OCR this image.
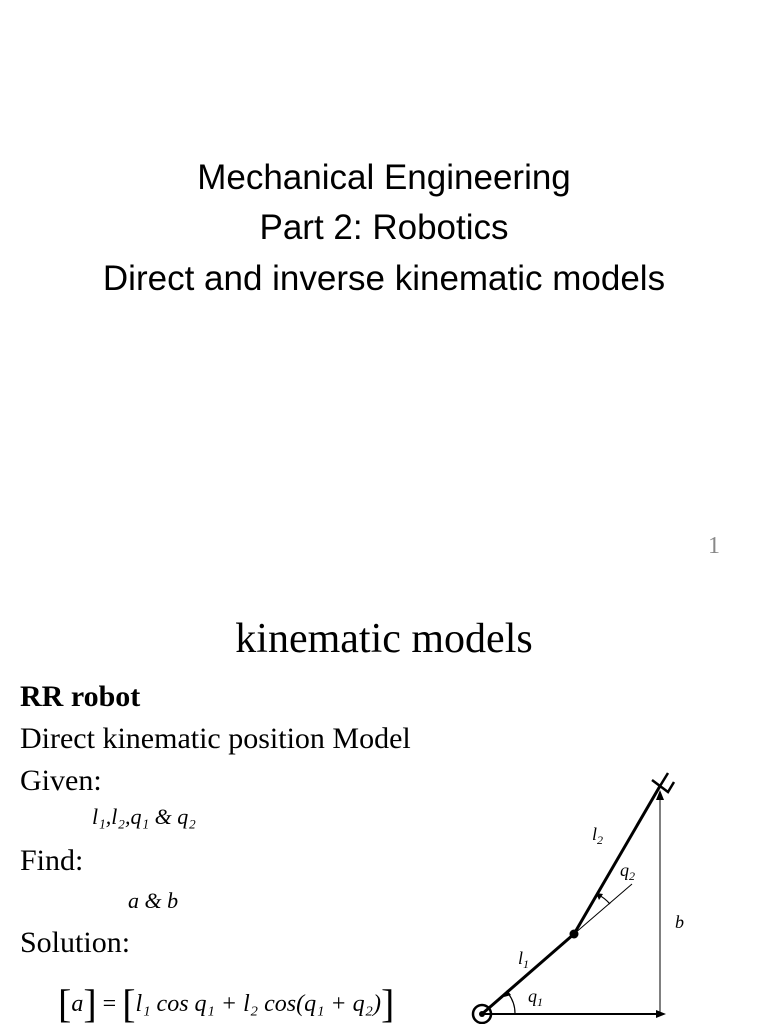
Mechanical Engineering
Part 2: Robotics
Direct and inverse kinematic models
1
kinematic models
RR robot
Direct kinematic position Model
Given:
l₁,l₂,q₁ & q₂
Find:
a & b
Solution:
[a] = [l₁ cos q₁ + l₂ cos(q₁ + q₂)]
$l_1$
$l_2$
$q_1$
$q_2$
b
